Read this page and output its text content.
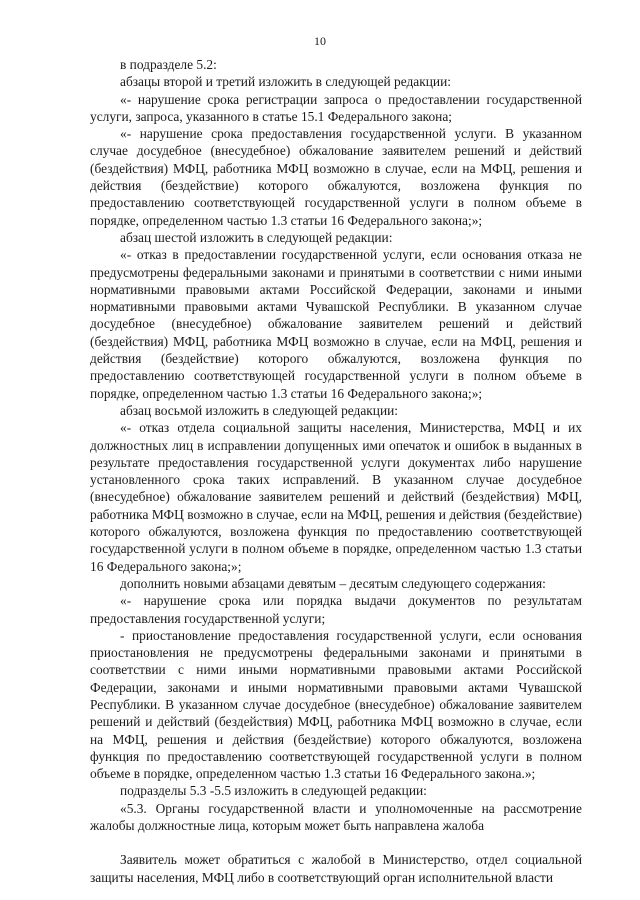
10

в подразделе 5.2:

абзацы второй и третий изложить в следующей редакции:

«- нарушение срока регистрации запроса о предоставлении государственной услуги, запроса, указанного в статье 15.1 Федерального закона;

«- нарушение срока предоставления государственной услуги. В указанном случае досудебное (внесудебное) обжалование заявителем решений и действий (бездействия) МФЦ, работника МФЦ возможно в случае, если на МФЦ, решения и действия (бездействие) которого обжалуются, возложена функция по предоставлению соответствующей государственной услуги в полном объеме в порядке, определенном частью 1.3 статьи 16 Федерального закона;»;

абзац шестой изложить в следующей редакции:

«- отказ в предоставлении государственной услуги, если основания отказа не предусмотрены федеральными законами и принятыми в соответствии с ними иными нормативными правовыми актами Российской Федерации, законами и иными нормативными правовыми актами Чувашской Республики. В указанном случае досудебное (внесудебное) обжалование заявителем решений и действий (бездействия) МФЦ, работника МФЦ возможно в случае, если на МФЦ, решения и действия (бездействие) которого обжалуются, возложена функция по предоставлению соответствующей государственной услуги в полном объеме в порядке, определенном частью 1.3 статьи 16 Федерального закона;»;

абзац восьмой изложить в следующей редакции:

«- отказ отдела социальной защиты населения, Министерства, МФЦ и их должностных лиц в исправлении допущенных ими опечаток и ошибок в выданных в результате предоставления государственной услуги документах либо нарушение установленного срока таких исправлений. В указанном случае досудебное (внесудебное) обжалование заявителем решений и действий (бездействия) МФЦ, работника МФЦ возможно в случае, если на МФЦ, решения и действия (бездействие) которого обжалуются, возложена функция по предоставлению соответствующей государственной услуги в полном объеме в порядке, определенном частью 1.3 статьи 16 Федерального закона;»;

дополнить новыми абзацами девятым – десятым следующего содержания:

«- нарушение срока или порядка выдачи документов по результатам предоставления государственной услуги;

- приостановление предоставления государственной услуги, если основания приостановления не предусмотрены федеральными законами и принятыми в соответствии с ними иными нормативными правовыми актами Российской Федерации, законами и иными нормативными правовыми актами Чувашской Республики. В указанном случае досудебное (внесудебное) обжалование заявителем решений и действий (бездействия) МФЦ, работника МФЦ возможно в случае, если на МФЦ, решения и действия (бездействие) которого обжалуются, возложена функция по предоставлению соответствующей государственной услуги в полном объеме в порядке, определенном частью 1.3 статьи 16 Федерального закона.»;

подразделы 5.3 -5.5 изложить в следующей редакции:

«5.3. Органы государственной власти и уполномоченные на рассмотрение жалобы должностные лица, которым может быть направлена жалоба

Заявитель может обратиться с жалобой в Министерство, отдел социальной защиты населения, МФЦ либо в соответствующий орган исполнительной власти
